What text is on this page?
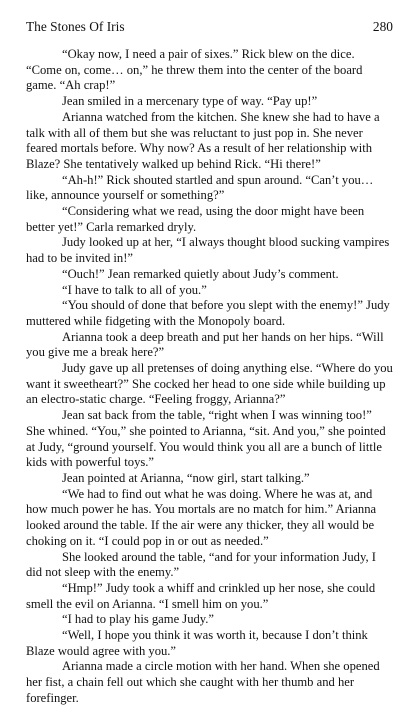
The Stones Of Iris	280

“Okay now, I need a pair of sixes.” Rick blew on the dice. “Come on, come… on,” he threw them into the center of the board game. “Ah crap!”

Jean smiled in a mercenary type of way. “Pay up!”

Arianna watched from the kitchen. She knew she had to have a talk with all of them but she was reluctant to just pop in. She never feared mortals before. Why now? As a result of her relationship with Blaze? She tentatively walked up behind Rick. “Hi there!”

“Ah-h!” Rick shouted startled and spun around. “Can’t you…like, announce yourself or something?”

“Considering what we read, using the door might have been better yet!” Carla remarked dryly.

Judy looked up at her, “I always thought blood sucking vampires had to be invited in!”

“Ouch!” Jean remarked quietly about Judy’s comment.

“I have to talk to all of you.”

“You should of done that before you slept with the enemy!” Judy muttered while fidgeting with the Monopoly board.

Arianna took a deep breath and put her hands on her hips. “Will you give me a break here?”

Judy gave up all pretenses of doing anything else. “Where do you want it sweetheart?” She cocked her head to one side while building up an electro-static charge. “Feeling froggy, Arianna?”

Jean sat back from the table, “right when I was winning too!” She whined. “You,” she pointed to Arianna, “sit. And you,” she pointed at Judy, “ground yourself. You would think you all are a bunch of little kids with powerful toys.”

Jean pointed at Arianna, “now girl, start talking.”

“We had to find out what he was doing. Where he was at, and how much power he has. You mortals are no match for him.” Arianna looked around the table. If the air were any thicker, they all would be choking on it. “I could pop in or out as needed.”

She looked around the table, “and for your information Judy, I did not sleep with the enemy.”

“Hmp!” Judy took a whiff and crinkled up her nose, she could smell the evil on Arianna. “I smell him on you.”

“I had to play his game Judy.”

“Well, I hope you think it was worth it, because I don’t think Blaze would agree with you.”

Arianna made a circle motion with her hand. When she opened her fist, a chain fell out which she caught with her thumb and her forefinger.
